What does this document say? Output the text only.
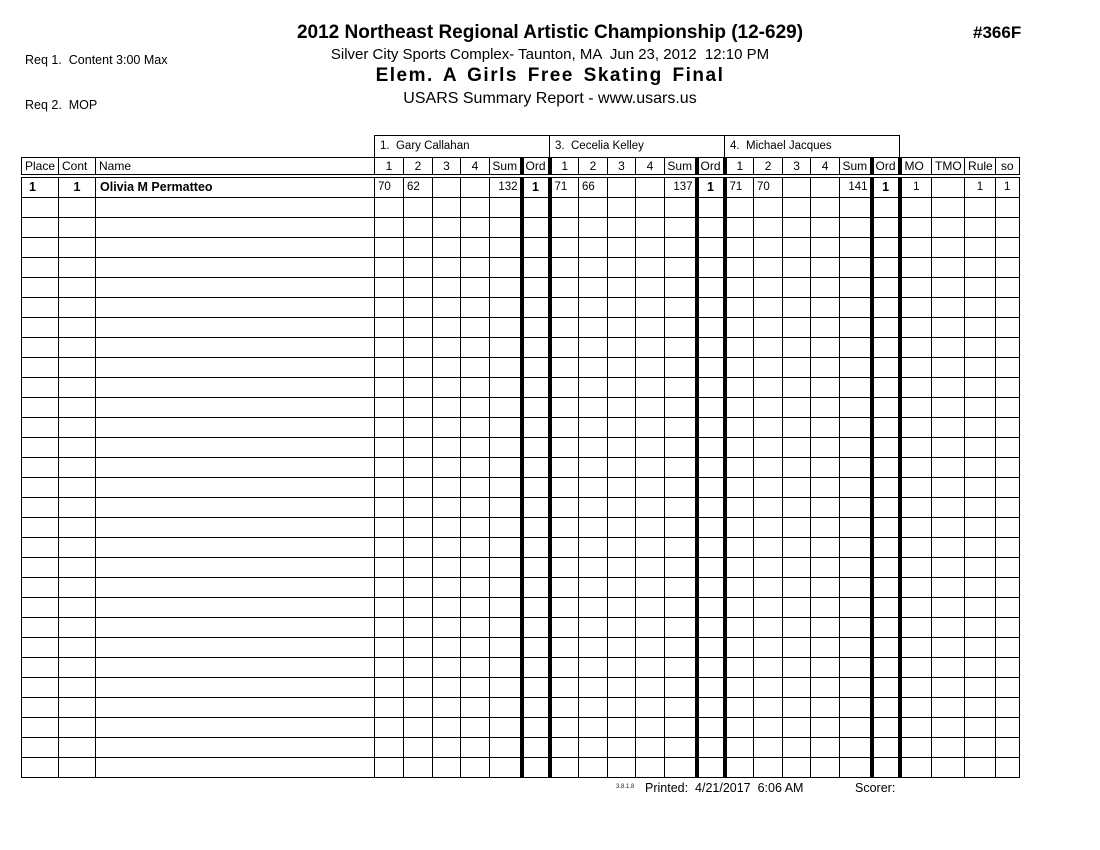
Req 1.  Content 3:00 Max

Req 2.  MOP

2012 Northeast Regional Artistic Championship (12-629)
Silver City Sports Complex- Taunton, MA  Jun 23, 2012  12:10 PM
Elem. A Girls Free Skating Final
USARS Summary Report - www.usars.us
#366F
			1.  Gary Callahan						3.  Cecelia Kelley						4.  Michael Jacques									
Place	Cont	Name	1	2	3	4	Sum	Ord	1	2	3	4	Sum	Ord	1	2	3	4	Sum	Ord	MO	TMO	Rule	so
1	1	Olivia M Permatteo	70	62			132	1	71	66			137	1	71	70			141	1	1		1	1

3.8.1.8 Printed:  4/21/2017  6:06 AM	Scorer:
